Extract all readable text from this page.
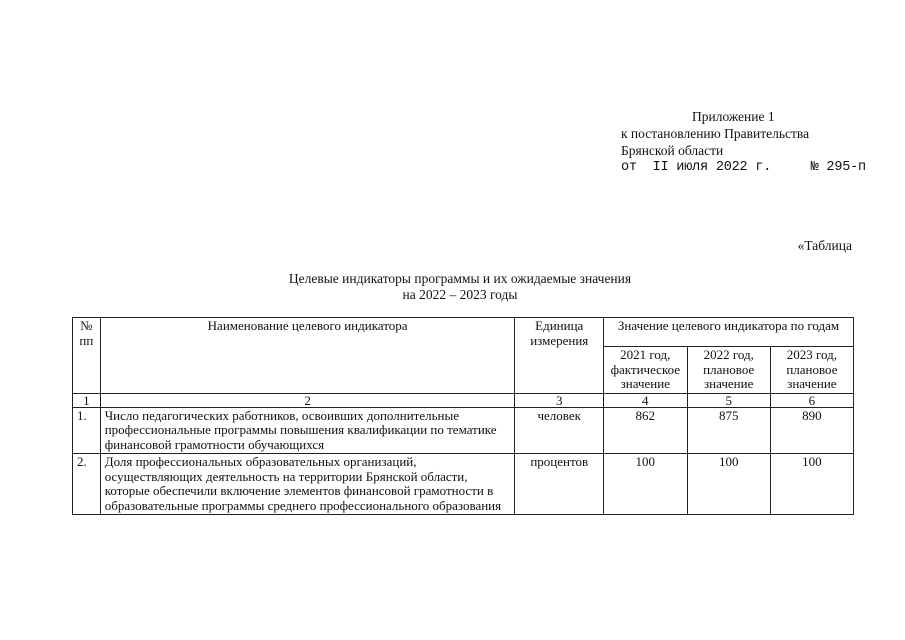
Приложение 1
к постановлению Правительства
Брянской области
от  II июля 2022 г.     № 295-п
«Таблица
Целевые индикаторы программы и их ожидаемые значения
на 2022 – 2023 годы
№ пп	Наименование целевого индикатора	Единица измерения	Значение целевого индикатора по годам		
			2021 год, фактическое значение	2022 год, плановое значение	2023 год, плановое значение
1	2	3	4	5	6
1.	Число педагогических работников, освоивших дополнительные профессиональные программы повышения квалификации по тематике финансовой грамотности обучающихся	человек	862	875	890
2.	Доля профессиональных образовательных организаций, осуществляющих деятельность на территории Брянской области, которые обеспечили включение элементов финансовой грамотности в образовательные программы среднего профессионального образования	процентов	100	100	100
